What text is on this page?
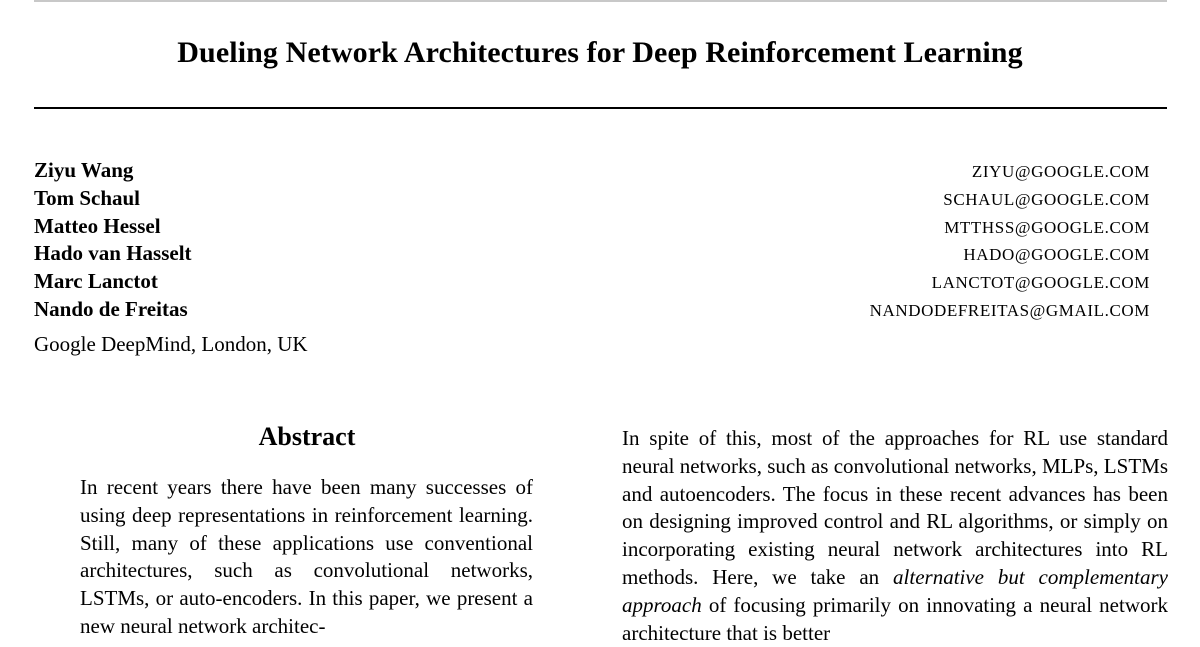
Dueling Network Architectures for Deep Reinforcement Learning
Ziyu Wang	ZIYU@GOOGLE.COM
Tom Schaul	SCHAUL@GOOGLE.COM
Matteo Hessel	MTTHSS@GOOGLE.COM
Hado van Hasselt	HADO@GOOGLE.COM
Marc Lanctot	LANCTOT@GOOGLE.COM
Nando de Freitas	NANDODEFREITAS@GMAIL.COM
Google DeepMind, London, UK
Abstract
In recent years there have been many successes of using deep representations in reinforcement learning. Still, many of these applications use conventional architectures, such as convolutional networks, LSTMs, or auto-encoders. In this paper, we present a new neural network architec-
In spite of this, most of the approaches for RL use standard neural networks, such as convolutional networks, MLPs, LSTMs and autoencoders. The focus in these recent advances has been on designing improved control and RL algorithms, or simply on incorporating existing neural network architectures into RL methods. Here, we take an alternative but complementary approach of focusing primarily on innovating a neural network architecture that is better
